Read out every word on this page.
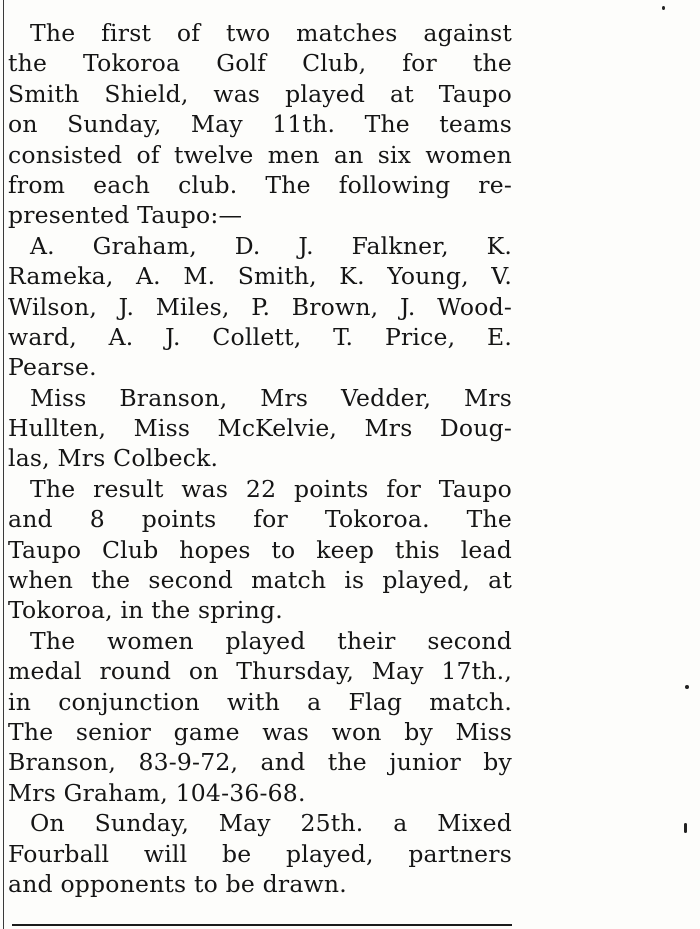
The first of two matches against
the Tokoroa Golf Club, for the
Smith Shield, was played at Taupo
on Sunday, May 11th. The teams
consisted of twelve men an six women
from each club. The following re-
presented Taupo:—
A. Graham, D. J. Falkner, K.
Rameka, A. M. Smith, K. Young, V.
Wilson, J. Miles, P. Brown, J. Wood-
ward, A. J. Collett, T. Price, E.
Pearse.
Miss Branson, Mrs Vedder, Mrs
Hullten, Miss McKelvie, Mrs Doug-
las, Mrs Colbeck.
The result was 22 points for Taupo
and 8 points for Tokoroa. The
Taupo Club hopes to keep this lead
when the second match is played, at
Tokoroa, in the spring.
The women played their second
medal round on Thursday, May 17th.,
in conjunction with a Flag match.
The senior game was won by Miss
Branson, 83-9-72, and the junior by
Mrs Graham, 104-36-68.
On Sunday, May 25th. a Mixed
Fourball will be played, partners
and opponents to be drawn.
